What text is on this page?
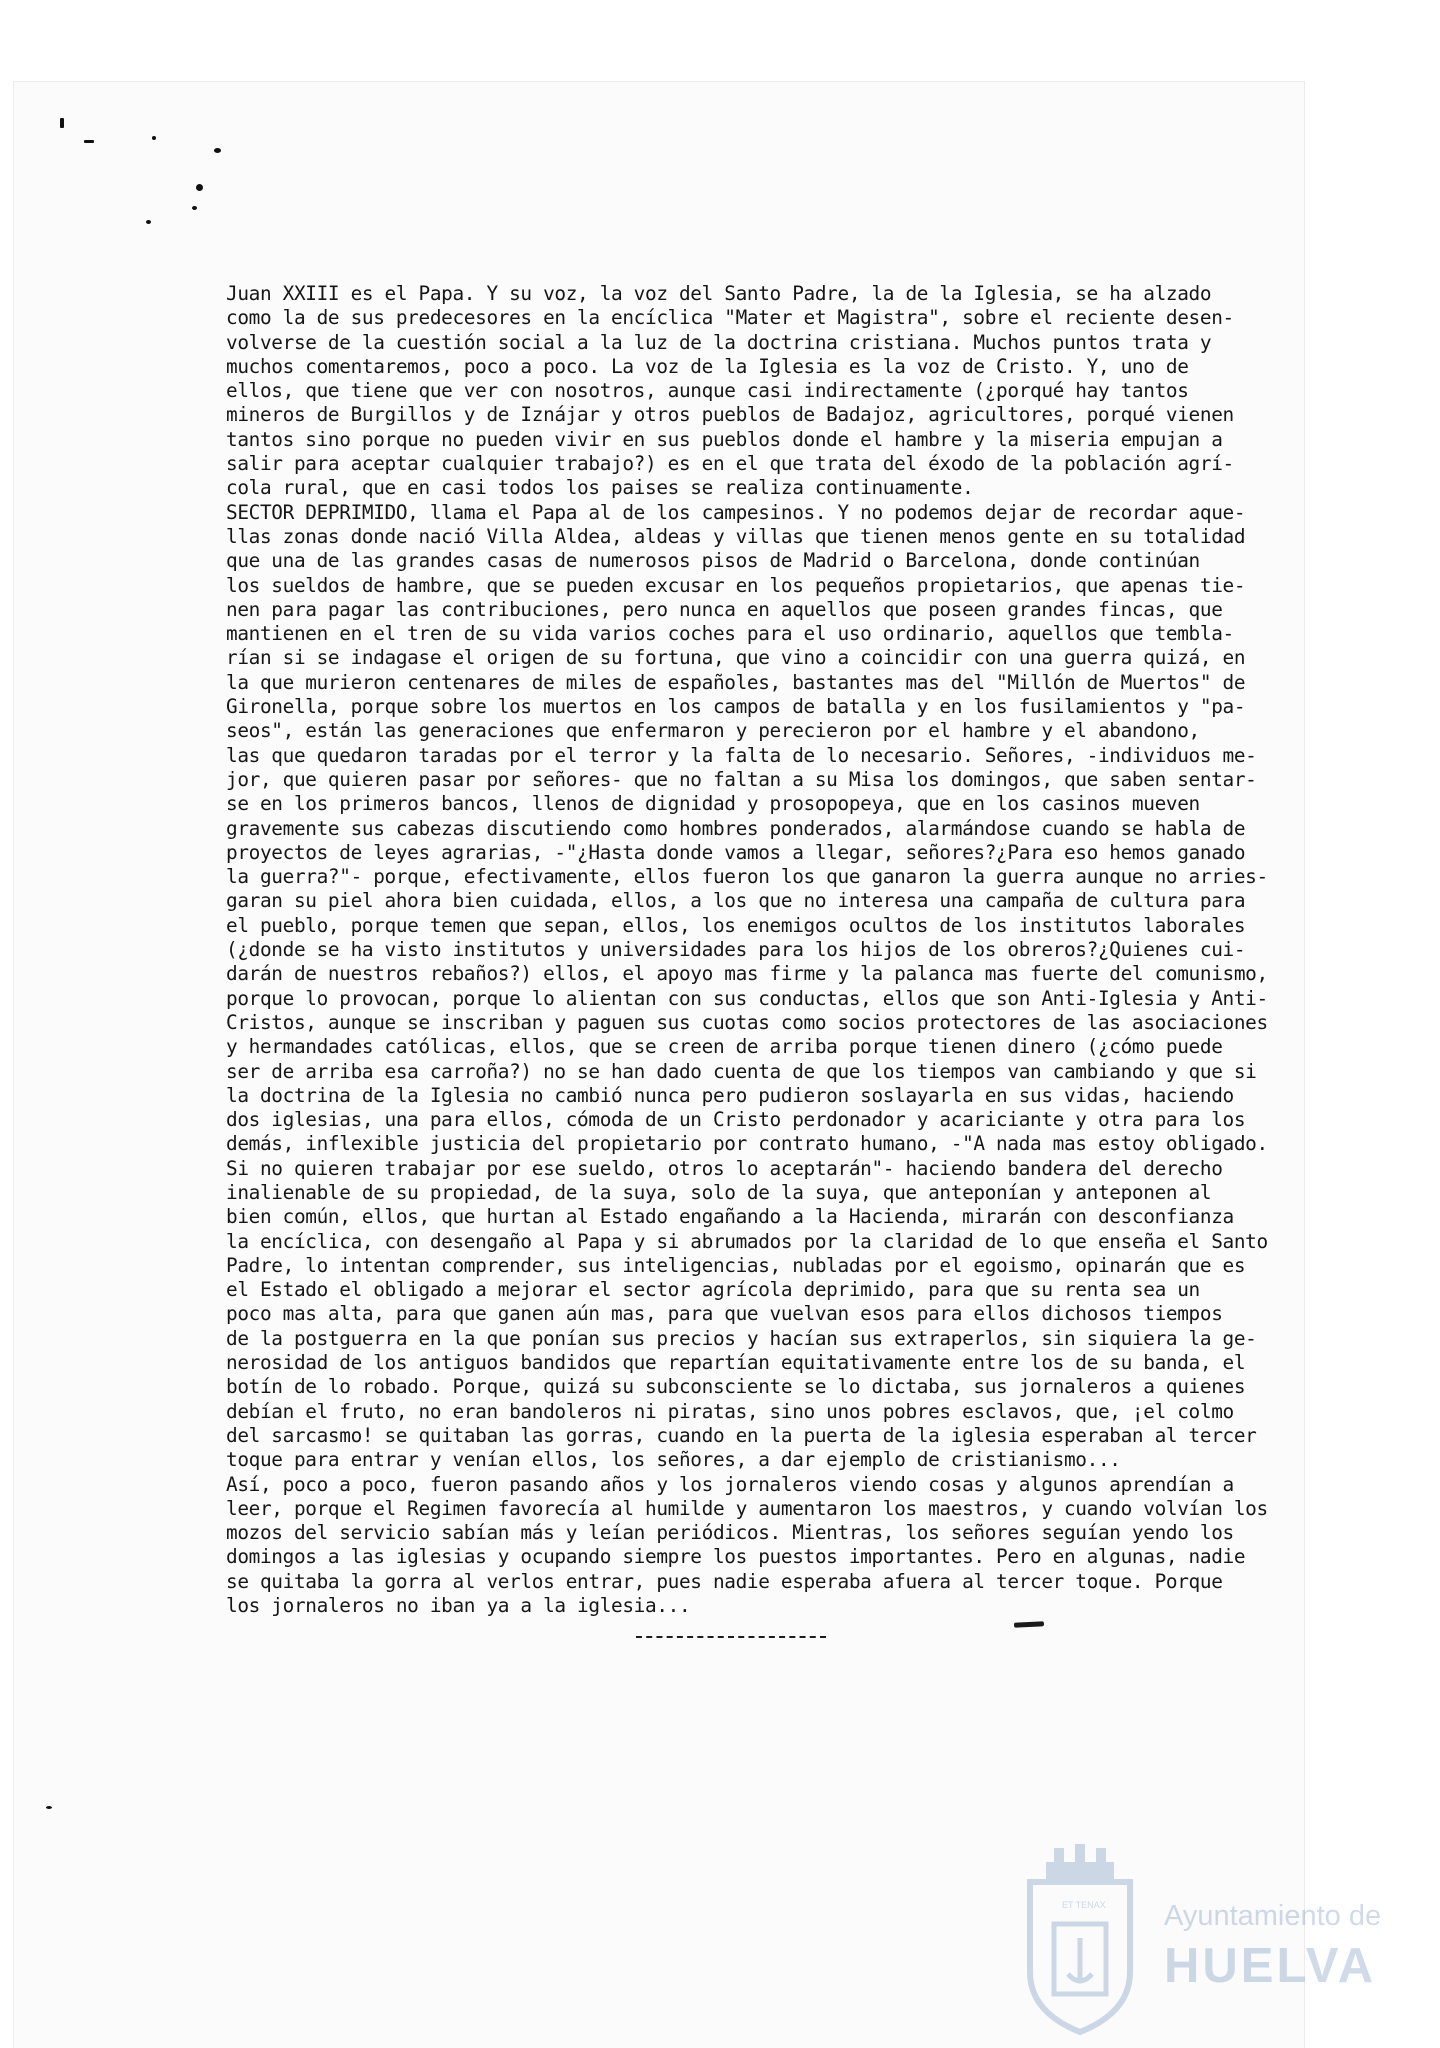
Juan XXIII es el Papa. Y su voz, la voz del Santo Padre, la de la Iglesia, se ha alzado
como la de sus predecesores en la encíclica "Mater et Magistra", sobre el reciente desen-
volverse de la cuestión social a la luz de la doctrina cristiana. Muchos puntos trata y
muchos comentaremos, poco a poco. La voz de la Iglesia es la voz de Cristo. Y, uno de
ellos, que tiene que ver con nosotros, aunque casi indirectamente (¿porqué hay tantos
mineros de Burgillos y de Iznájar y otros pueblos de Badajoz, agricultores, porqué vienen
tantos sino porque no pueden vivir en sus pueblos donde el hambre y la miseria empujan a
salir para aceptar cualquier trabajo?) es en el que trata del éxodo de la población agrí-
cola rural, que en casi todos los paises se realiza continuamente.
SECTOR DEPRIMIDO, llama el Papa al de los campesinos. Y no podemos dejar de recordar aque-
llas zonas donde nació Villa Aldea, aldeas y villas que tienen menos gente en su totalidad
que una de las grandes casas de numerosos pisos de Madrid o Barcelona, donde continúan
los sueldos de hambre, que se pueden excusar en los pequeños propietarios, que apenas tie-
nen para pagar las contribuciones, pero nunca en aquellos que poseen grandes fincas, que
mantienen en el tren de su vida varios coches para el uso ordinario, aquellos que tembla-
rían si se indagase el origen de su fortuna, que vino a coincidir con una guerra quizá, en
la que murieron centenares de miles de españoles, bastantes mas del "Millón de Muertos" de
Gironella, porque sobre los muertos en los campos de batalla y en los fusilamientos y "pa-
seos", están las generaciones que enfermaron y perecieron por el hambre y el abandono,
las que quedaron taradas por el terror y la falta de lo necesario. Señores, -individuos me-
jor, que quieren pasar por señores- que no faltan a su Misa los domingos, que saben sentar-
se en los primeros bancos, llenos de dignidad y prosopopeya, que en los casinos mueven
gravemente sus cabezas discutiendo como hombres ponderados, alarmándose cuando se habla de
proyectos de leyes agrarias, -"¿Hasta donde vamos a llegar, señores?¿Para eso hemos ganado
la guerra?"- porque, efectivamente, ellos fueron los que ganaron la guerra aunque no arries-
garan su piel ahora bien cuidada, ellos, a los que no interesa una campaña de cultura para
el pueblo, porque temen que sepan, ellos, los enemigos ocultos de los institutos laborales
(¿donde se ha visto institutos y universidades para los hijos de los obreros?¿Quienes cui-
darán de nuestros rebaños?) ellos, el apoyo mas firme y la palanca mas fuerte del comunismo,
porque lo provocan, porque lo alientan con sus conductas, ellos que son Anti-Iglesia y Anti-
Cristos, aunque se inscriban y paguen sus cuotas como socios protectores de las asociaciones
y hermandades católicas, ellos, que se creen de arriba porque tienen dinero (¿cómo puede
ser de arriba esa carroña?) no se han dado cuenta de que los tiempos van cambiando y que si
la doctrina de la Iglesia no cambió nunca pero pudieron soslayarla en sus vidas, haciendo
dos iglesias, una para ellos, cómoda de un Cristo perdonador y acariciante y otra para los
demás, inflexible justicia del propietario por contrato humano, -"A nada mas estoy obligado.
Si no quieren trabajar por ese sueldo, otros lo aceptarán"- haciendo bandera del derecho
inalienable de su propiedad, de la suya, solo de la suya, que anteponían y anteponen al
bien común, ellos, que hurtan al Estado engañando a la Hacienda, mirarán con desconfianza
la encíclica, con desengaño al Papa y si abrumados por la claridad de lo que enseña el Santo
Padre, lo intentan comprender, sus inteligencias, nubladas por el egoismo, opinarán que es
el Estado el obligado a mejorar el sector agrícola deprimido, para que su renta sea un
poco mas alta, para que ganen aún mas, para que vuelvan esos para ellos dichosos tiempos
de la postguerra en la que ponían sus precios y hacían sus extraperlos, sin siquiera la ge-
nerosidad de los antiguos bandidos que repartían equitativamente entre los de su banda, el
botín de lo robado. Porque, quizá su subconsciente se lo dictaba, sus jornaleros a quienes
debían el fruto, no eran bandoleros ni piratas, sino unos pobres esclavos, que, ¡el colmo
del sarcasmo! se quitaban las gorras, cuando en la puerta de la iglesia esperaban al tercer
toque para entrar y venían ellos, los señores, a dar ejemplo de cristianismo...
Así, poco a poco, fueron pasando años y los jornaleros viendo cosas y algunos aprendían a
leer, porque el Regimen favorecía al humilde y aumentaron los maestros, y cuando volvían los
mozos del servicio sabían más y leían periódicos. Mientras, los señores seguían yendo los
domingos a las iglesias y ocupando siempre los puestos importantes. Pero en algunas, nadie
se quitaba la gorra al verlos entrar, pues nadie esperaba afuera al tercer toque. Porque
los jornaleros no iban ya a la iglesia...
ET TENAX Ayuntamiento de
HUELVA
